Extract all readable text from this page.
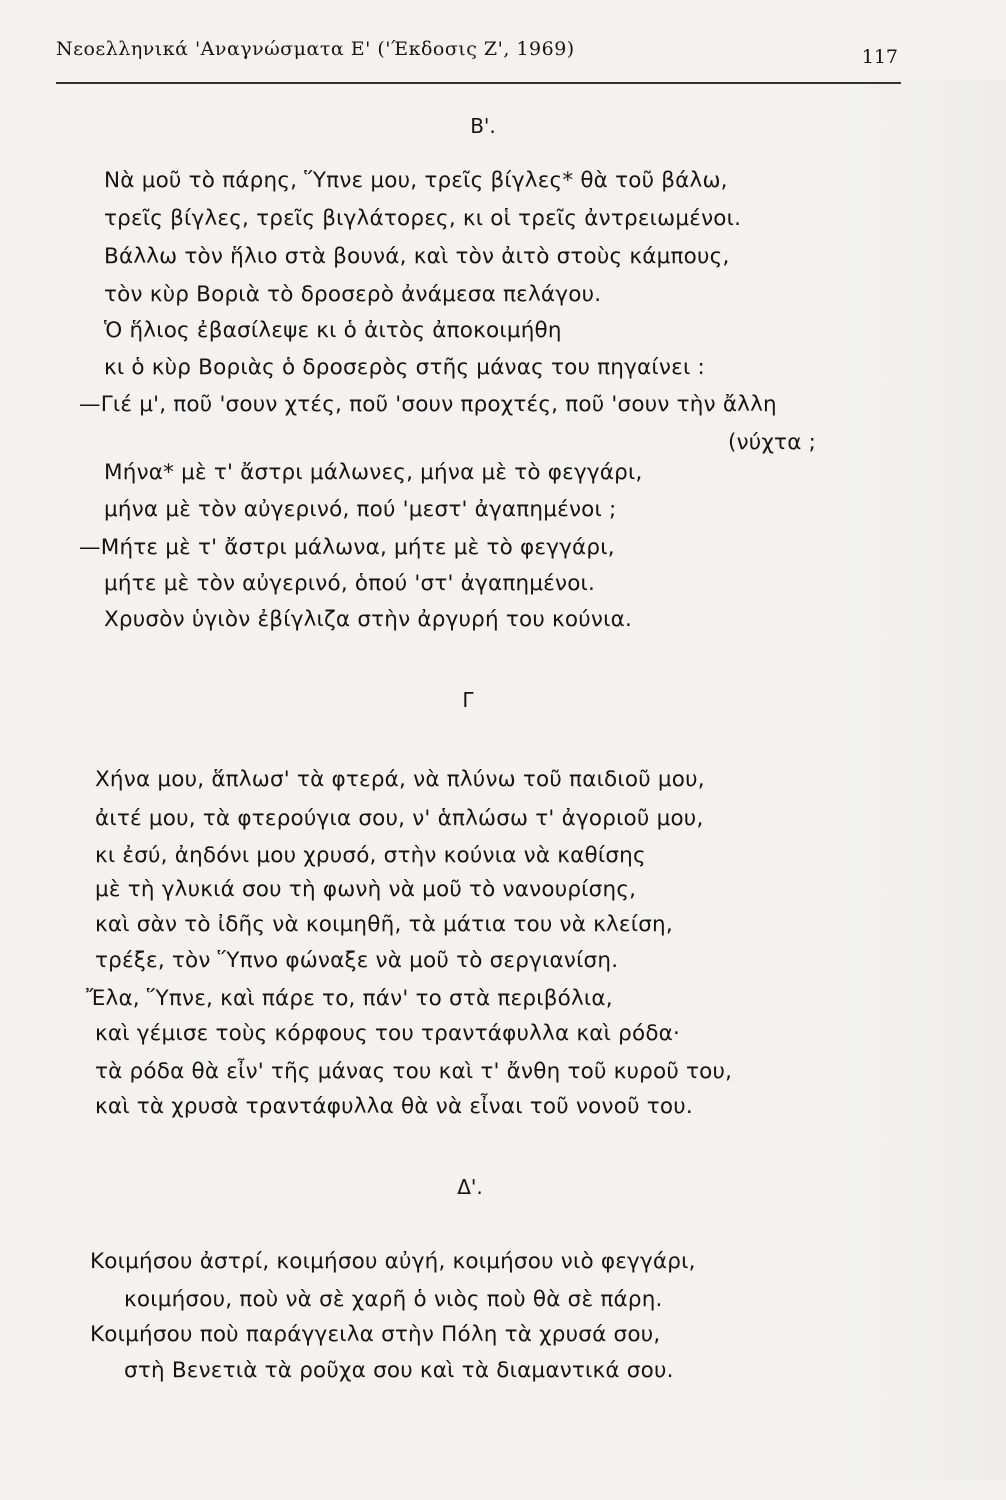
Νεοελληνικά 'Αναγνώσματα Ε' ('Έκδοσις Ζ', 1969)	117
Β'.
Νὰ μοῦ τὸ πάρης, Ὕπνε μου, τρεῖς βίγλες* θὰ τοῦ βάλω,
τρεῖς βίγλες, τρεῖς βιγλάτορες, κι οἱ τρεῖς ἀντρειωμένοι.
Βάλλω τὸν ἥλιο στὰ βουνά, καὶ τὸν ἀιτὸ στοὺς κάμπους,
τὸν κὺρ Βοριὰ τὸ δροσερὸ ἀνάμεσα πελάγου.
Ὁ ἥλιος ἐβασίλεψε κι ὁ ἀιτὸς ἀποκοιμήθη
κι ὁ κὺρ Βοριὰς ὁ δροσερὸς στῆς μάνας του πηγαίνει :
—Γιέ μ', ποῦ 'σουν χτές, ποῦ 'σουν προχτές, ποῦ 'σουν τὴν ἄλλη
(νύχτα ;
Μήνα* μὲ τ' ἄστρι μάλωνες, μήνα μὲ τὸ φεγγάρι,
μήνα μὲ τὸν αὐγερινό, πού 'μεστ' ἀγαπημένοι ;
—Μήτε μὲ τ' ἄστρι μάλωνα, μήτε μὲ τὸ φεγγάρι,
μήτε μὲ τὸν αὐγερινό, ὁπού 'στ' ἀγαπημένοι.
Χρυσὸν ὑγιὸν ἐβίγλιζα στὴν ἀργυρή του κούνια.
Γ
Χήνα μου, ἅπλωσ' τὰ φτερά, νὰ πλύνω τοῦ παιδιοῦ μου,
ἀιτέ μου, τὰ φτερούγια σου, ν' ἁπλώσω τ' ἀγοριοῦ μου,
κι ἐσύ, ἀηδόνι μου χρυσό, στὴν κούνια νὰ καθίσης
μὲ τὴ γλυκιά σου τὴ φωνὴ νὰ μοῦ τὸ νανουρίσης,
καὶ σὰν τὸ ἰδῆς νὰ κοιμηθῆ, τὰ μάτια του νὰ κλείση,
τρέξε, τὸν Ὕπνο φώναξε νὰ μοῦ τὸ σεργιανίση.
Ἔλα, Ὕπνε, καὶ πάρε το, πάν' το στὰ περιβόλια,
καὶ γέμισε τοὺς κόρφους του τραντάφυλλα καὶ ρόδα·
τὰ ρόδα θὰ εἶν' τῆς μάνας του καὶ τ' ἄνθη τοῦ κυροῦ του,
καὶ τὰ χρυσὰ τραντάφυλλα θὰ νὰ εἶναι τοῦ νονοῦ του.
Δ'.
Κοιμήσου ἀστρί, κοιμήσου αὐγή, κοιμήσου νιὸ φεγγάρι,
κοιμήσου, ποὺ νὰ σὲ χαρῆ ὁ νιὸς ποὺ θὰ σὲ πάρη.
Κοιμήσου ποὺ παράγγειλα στὴν Πόλη τὰ χρυσά σου,
στὴ Βενετιὰ τὰ ροῦχα σου καὶ τὰ διαμαντικά σου.
